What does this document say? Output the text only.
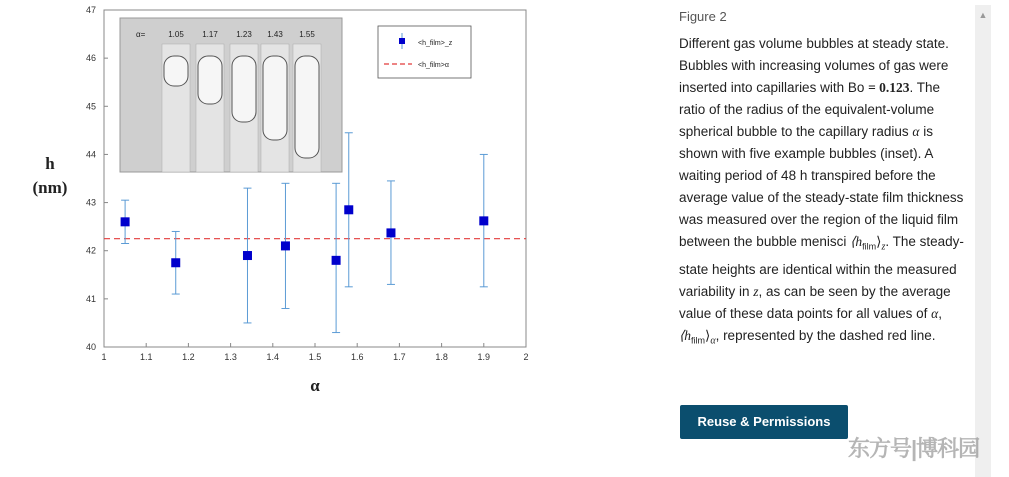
40
41
42
43
44
45
46
47
1	1.1	1.2	1.3	1.4	1.5	1.6	1.7	1.8	1.9	2
α=	1.05 1.17 1.23 1.43 1.55
<h_film>_z
<h_film>α
h
(nm)
α
Figure 2
Different gas volume bubbles at steady state. Bubbles with increasing volumes of gas were inserted into capillaries with Bo = 0.123. The ratio of the radius of the equivalent-volume spherical bubble to the capillary radius α is shown with five example bubbles (inset). A waiting period of 48 h transpired before the average value of the steady-state film thickness was measured over the region of the liquid film between the bubble menisci $⟨h_{film}⟩_z$. The steady-state heights are identical within the measured variability in z, as can be seen by the average value of these data points for all values of α, $⟨h_{film}⟩_\alpha$, represented by the dashed red line.
Reuse & Permissions
▲
东方号|博科园
